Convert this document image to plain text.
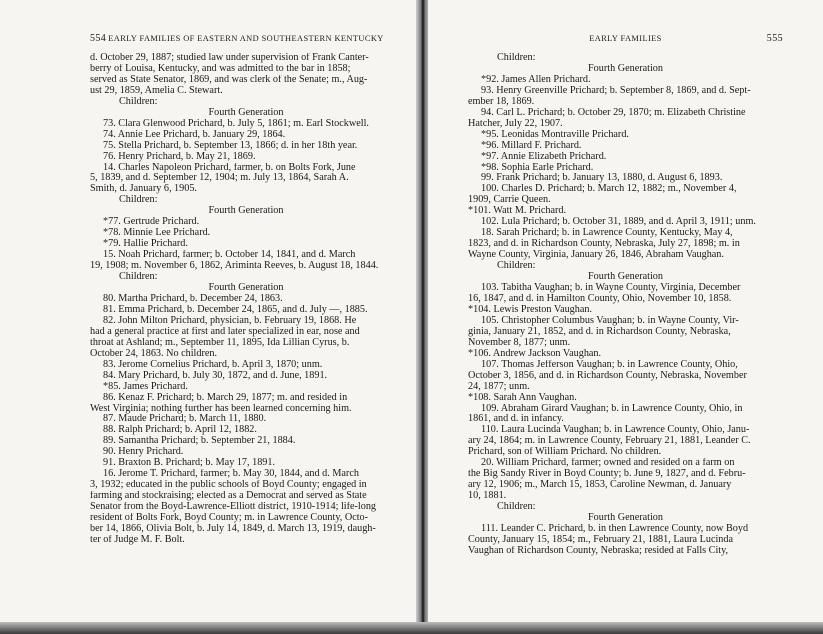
554 EARLY FAMILIES OF EASTERN AND SOUTHEASTERN KENTUCKY
d. October 29, 1887; studied law under supervision of Frank Canter-
berry of Louisa, Kentucky, and was admitted to the bar in 1858;
served as State Senator, 1869, and was clerk of the Senate; m., Aug-
ust 29, 1859, Amelia C. Stewart.
Children:
Fourth Generation
73. Clara Glenwood Prichard, b. July 5, 1861; m. Earl Stockwell.
74. Annie Lee Prichard, b. January 29, 1864.
75. Stella Prichard, b. September 13, 1866; d. in her 18th year.
76. Henry Prichard, b. May 21, 1869.
14. Charles Napoleon Prichard, farmer, b. on Bolts Fork, June
5, 1839, and d. September 12, 1904; m. July 13, 1864, Sarah A.
Smith, d. January 6, 1905.
Children:
Fourth Generation
*77. Gertrude Prichard.
*78. Minnie Lee Prichard.
*79. Hallie Prichard.
15. Noah Prichard, farmer; b. October 14, 1841, and d. March
19, 1908; m. November 6, 1862, Ariminta Reeves, b. August 18, 1844.
Children:
Fourth Generation
80. Martha Prichard, b. December 24, 1863.
81. Emma Prichard, b. December 24, 1865, and d. July —, 1885.
82. John Milton Prichard, physician, b. February 19, 1868. He
had a general practice at first and later specialized in ear, nose and
throat at Ashland; m., September 11, 1895, Ida Lillian Cyrus, b.
October 24, 1863. No children.
83. Jerome Cornelius Prichard, b. April 3, 1870; unm.
84. Mary Prichard, b. July 30, 1872, and d. June, 1891.
*85. James Prichard.
86. Kenaz F. Prichard; b. March 29, 1877; m. and resided in
West Virginia; nothing further has been learned concerning him.
87. Maude Prichard; b. March 11, 1880.
88. Ralph Prichard; b. April 12, 1882.
89. Samantha Prichard; b. September 21, 1884.
90. Henry Prichard.
91. Braxton B. Prichard; b. May 17, 1891.
16. Jerome T. Prichard, farmer; b. May 30, 1844, and d. March
3, 1932; educated in the public schools of Boyd County; engaged in
farming and stockraising; elected as a Democrat and served as State
Senator from the Boyd-Lawrence-Elliott district, 1910-1914; life-long
resident of Bolts Fork, Boyd County; m. in Lawrence County, Octo-
ber 14, 1866, Olivia Bolt, b. July 14, 1849, d. March 13, 1919, daugh-
ter of Judge M. F. Bolt.
EARLY FAMILIES	555
Children:
Fourth Generation
*92. James Allen Prichard.
93. Henry Greenville Prichard; b. September 8, 1869, and d. Sept-
ember 18, 1869.
94. Carl L. Prichard; b. October 29, 1870; m. Elizabeth Christine
Hatcher, July 22, 1907.
*95. Leonidas Montraville Prichard.
*96. Millard F. Prichard.
*97. Annie Elizabeth Prichard.
*98. Sophia Earle Prichard.
99. Frank Prichard; b. January 13, 1880, d. August 6, 1893.
100. Charles D. Prichard; b. March 12, 1882; m., November 4,
1909, Carrie Queen.
*101. Watt M. Prichard.
102. Lula Prichard; b. October 31, 1889, and d. April 3, 1911; unm.
18. Sarah Prichard; b. in Lawrence County, Kentucky, May 4,
1823, and d. in Richardson County, Nebraska, July 27, 1898; m. in
Wayne County, Virginia, January 26, 1846, Abraham Vaughan.
Children:
Fourth Generation
103. Tabitha Vaughan; b. in Wayne County, Virginia, December
16, 1847, and d. in Hamilton County, Ohio, November 10, 1858.
*104. Lewis Preston Vaughan.
105. Christopher Columbus Vaughan; b. in Wayne County, Vir-
ginia, January 21, 1852, and d. in Richardson County, Nebraska,
November 8, 1877; unm.
*106. Andrew Jackson Vaughan.
107. Thomas Jefferson Vaughan; b. in Lawrence County, Ohio,
October 3, 1856, and d. in Richardson County, Nebraska, November
24, 1877; unm.
*108. Sarah Ann Vaughan.
109. Abraham Girard Vaughan; b. in Lawrence County, Ohio, in
1861, and d. in infancy.
110. Laura Lucinda Vaughan; b. in Lawrence County, Ohio, Janu-
ary 24, 1864; m. in Lawrence County, February 21, 1881, Leander C.
Prichard, son of William Prichard. No children.
20. William Prichard, farmer; owned and resided on a farm on
the Big Sandy River in Boyd County; b. June 9, 1827, and d. Febru-
ary 12, 1906; m., March 15, 1853, Caroline Newman, d. January
10, 1881.
Children:
Fourth Generation
111. Leander C. Prichard, b. in then Lawrence County, now Boyd
County, January 15, 1854; m., February 21, 1881, Laura Lucinda
Vaughan of Richardson County, Nebraska; resided at Falls City,
